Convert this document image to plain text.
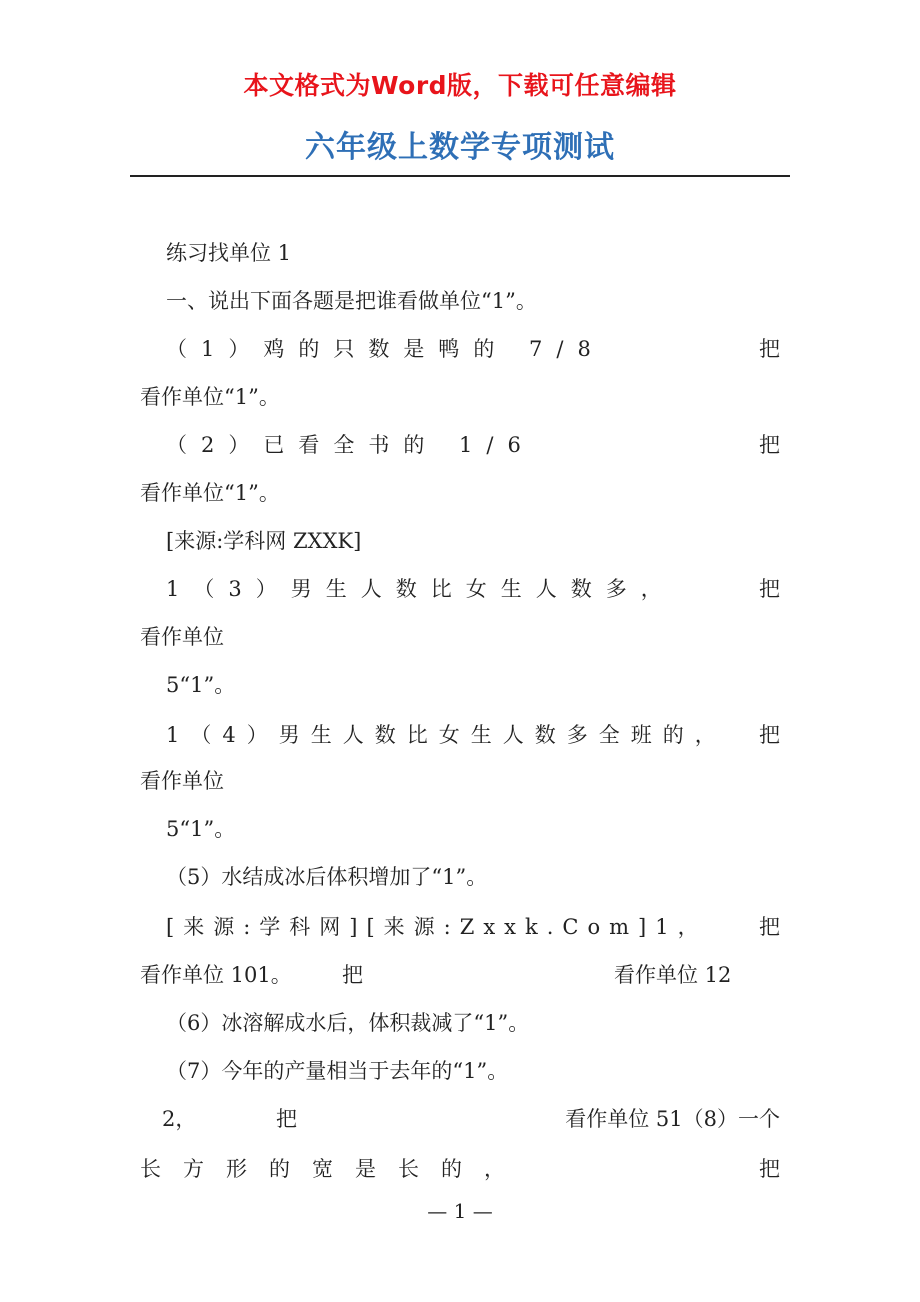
本文格式为Word版，下载可任意编辑
六年级上数学专项测试
练习找单位 1
一、说出下面各题是把谁看做单位“1”。
（1）鸡的只数是鸭的 7/8	把
看作单位“1”。
（2）已看全书的 1/6	把
看作单位“1”。
[来源:学科网 ZXXK]
1（3）男生人数比女生人数多，	把
看作单位
5“1”。
1（4）男生人数比女生人数多全班的， 把
看作单位
5“1”。
（5）水结成冰后体积增加了“1”。
[来源:学科网][来源:Zxxk.Com]1， 把
看作单位 101。 把	看作单位 12
（6）冰溶解成水后，体积裁减了“1”。
（7）今年的产量相当于去年的“1”。
2，	把	看作单位 51（8）一个
长方形的宽是长的，	把
— 1 —
